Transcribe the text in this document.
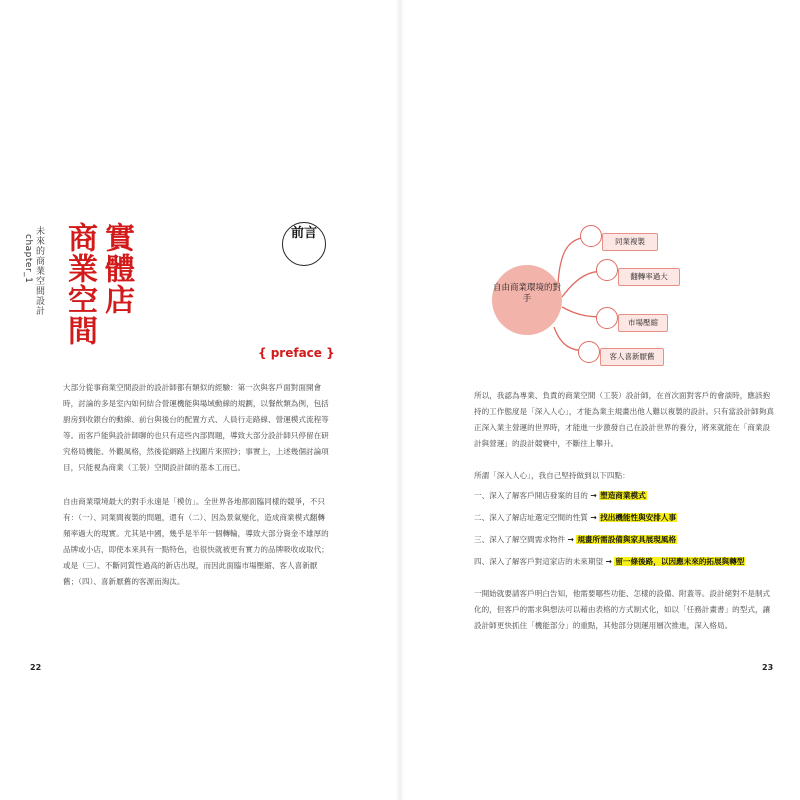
未來的商業空間設計
chapter_1 商業空間 實體店	前言
{ preface }
大部分從事商業空間設計的設計師都有類似的經驗：第一次與客戶面對面開會時，討論的多是室內如何結合營運機能與場域動線的規劃，以餐飲類為例，包括廚房到收銀台的動線、前台與後台的配置方式、人員行走路線、營運模式流程等等。而客戶能與設計師聊的也只有這些內部問題，導致大部分設計師只停留在研究格局機能、外觀風格，然後從網路上找圖片來照抄；事實上，上述幾個討論項目，只能視為商業（工裝）空間設計師的基本工而已。
自由商業環境最大的對手永遠是「模仿」。全世界各地都面臨同樣的競爭，不只有：（一）、同業間複製的問題，還有（二）、因為景氣變化，造成商業模式翻轉頻率過大的現實。尤其是中國，幾乎是半年一個轉輪，導致大部分資金不雄厚的品牌或小店，即使本來具有一點特色，也很快就被更有實力的品牌吸收或取代；或是（三）、不斷同質性過高的新店出現，而因此面臨市場壓縮、客人喜新厭舊；（四）、喜新厭舊的客源而淘汰。
22
自由商業環境的對手
同業複製
翻轉率過大
市場壓縮
客人喜新厭舊
所以，我認為專業、負責的商業空間（工裝）設計師，在首次面對客戶的會談時，應該抱持的工作態度是「深入人心」，才能為業主規畫出他人難以複製的設計。只有當設計師夠真正深入業主營運的世界時，才能進一步激發自己在設計世界的養分，將來就能在「商業設計與營運」的設計競賽中，不斷往上攀升。
所謂「深入人心」，我自己堅持做到以下四點：
一、深入了解客戶開店發案的目的 → 塑造商業模式
二、深入了解店址選定空間的性質 → 找出機能性與安排人事
三、深入了解空間需求物件 → 規畫所需設備與家具展現風格
四、深入了解客戶對這家店的未來期望 → 留一條後路，以因應未來的拓展與轉型
一開始就要請客戶明白告知，他需要哪些功能、怎樣的設備、附蓋等。設計絕對不是制式化的，但客戶的需求與想法可以藉由表格的方式制式化，如以「任務計畫書」的型式，讓設計師更快抓住「機能部分」的重點，其他部分則運用層次推進，深入格局。
23
